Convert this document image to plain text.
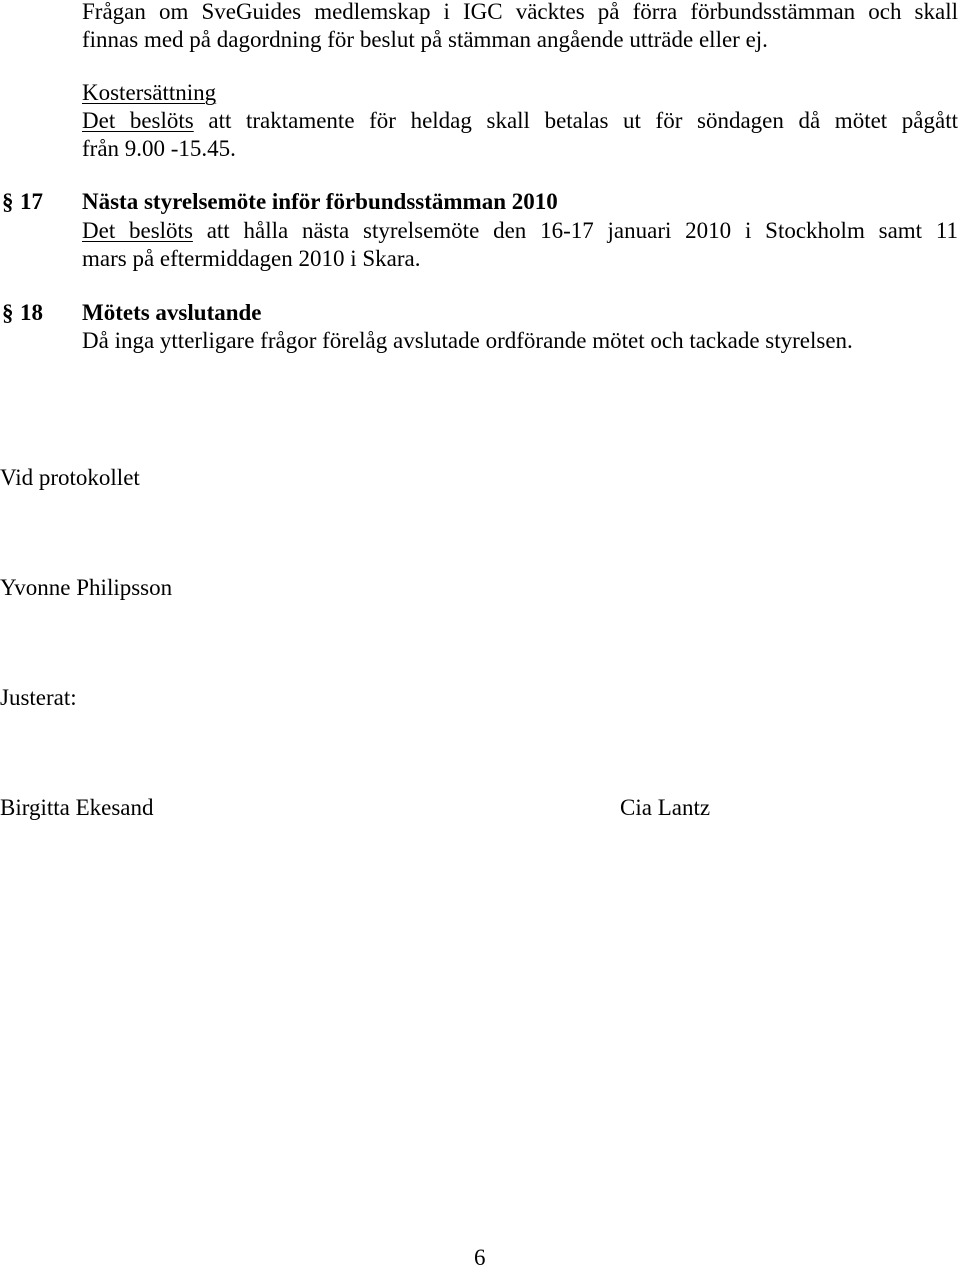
Frågan om SveGuides medlemskap i IGC väcktes på förra förbundsstämman och skall
finnas med på dagordning för beslut på stämman angående utträde eller ej.
Kostersättning
Det beslöts att traktamente för heldag skall betalas ut för söndagen då mötet pågått
från 9.00 -15.45.
§ 17 Nästa styrelsemöte inför förbundsstämman 2010
Det beslöts att hålla nästa styrelsemöte den 16-17 januari 2010 i Stockholm samt 11
mars på eftermiddagen 2010 i Skara.
§ 18 Mötets avslutande
Då inga ytterligare frågor förelåg avslutade ordförande mötet och tackade styrelsen.
Vid protokollet
Yvonne Philipsson
Justerat:
Birgitta Ekesand	Cia Lantz
6
